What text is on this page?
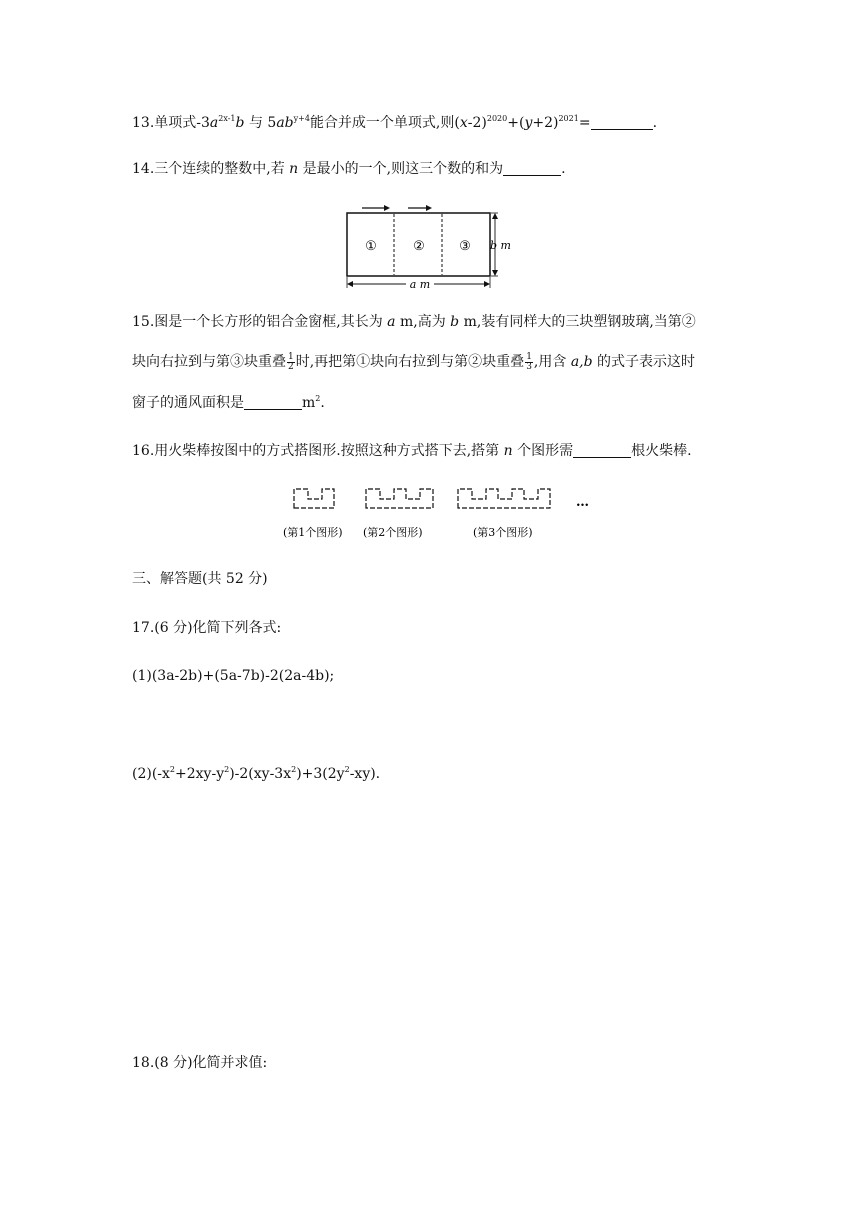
13.单项式$-3a^{2x-1}b$ 与 $5ab^{y+4}$能合并成一个单项式,则$(x-2)^{2020}+(y+2)^{2021}=$	.
14.三个连续的整数中,若 n 是最小的一个,则这三个数的和为	.
①	②	③ b m
a m
15.图是一个长方形的铝合金窗框,其长为 a m,高为 b m,装有同样大的三块塑钢玻璃,当第②
块向右拉到与第③块重叠 $\frac{1}{2}$ 时,再把第①块向右拉到与第②块重叠 $\frac{1}{3}$ ,用含 a,b 的式子表示这时
窗子的通风面积是	$m^2$.
16.用火柴棒按图中的方式搭图形.按照这种方式搭下去,搭第 n 个图形需	根火柴棒.
…
(第1个图形) (第2个图形)	(第3个图形)
三、解答题(共 52 分)
17.(6 分)化简下列各式:
(1)(3a-2b)+(5a-7b)-2(2a-4b);
$(2)(-x^2+2xy-y^2)-2(xy-3x^2)+3(2y^2-xy)$.
18.(8 分)化简并求值:
